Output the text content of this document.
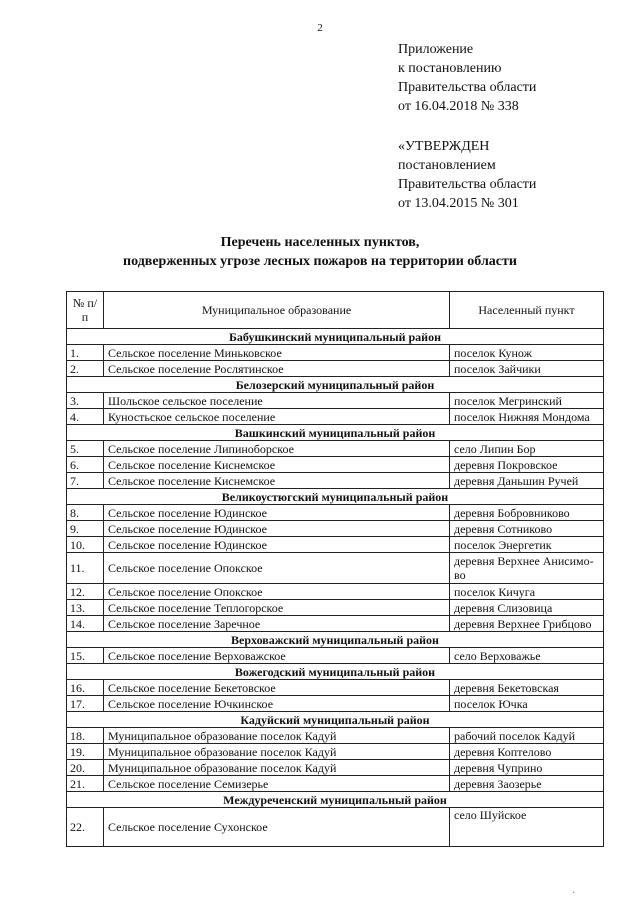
2
Приложение
к постановлению
Правительства области
от 16.04.2018 № 338
«УТВЕРЖДЕН
постановлением
Правительства области
от 13.04.2015 № 301
Перечень населенных пунктов,
подверженных угрозе лесных пожаров на территории области
№ п/п	Муниципальное образование	Населенный пункт
Бабушкинский муниципальный район		
1.	Сельское поселение Миньковское	поселок Кунож
2.	Сельское поселение Рослятинское	поселок Зайчики
Белозерский муниципальный район		
3.	Шольское сельское поселение	поселок Мегринский
4.	Куностьское сельское поселение	поселок Нижняя Мондома
Вашкинский муниципальный район		
5.	Сельское поселение Липиноборское	село Липин Бор
6.	Сельское поселение Киснемское	деревня Покровское
7.	Сельское поселение Киснемское	деревня Даньшин Ручей
Великоустюгский муниципальный район		
8.	Сельское поселение Юдинское	деревня Бобровниково
9.	Сельское поселение Юдинское	деревня Сотниково
10.	Сельское поселение Юдинское	поселок Энергетик
11.	Сельское поселение Опокское	деревня Верхнее Анисимо-во
12.	Сельское поселение Опокское	поселок Кичуга
13.	Сельское поселение Теплогорское	деревня Слизовица
14.	Сельское поселение Заречное	деревня Верхнее Грибцово
Верховажский муниципальный район		
15.	Сельское поселение Верховажское	село Верховажье
Вожегодский муниципальный район		
16.	Сельское поселение Бекетовское	деревня Бекетовская
17.	Сельское поселение Ючкинское	поселок Ючка
Кадуйский муниципальный район		
18.	Муниципальное образование поселок Кадуй	рабочий поселок Кадуй
19.	Муниципальное образование поселок Кадуй	деревня Коптелово
20.	Муниципальное образование поселок Кадуй	деревня Чуприно
21.	Сельское поселение Семизерье	деревня Заозерье
Междуреченский муниципальный район		
22.	Сельское поселение Сухонское	село Шуйское
·
